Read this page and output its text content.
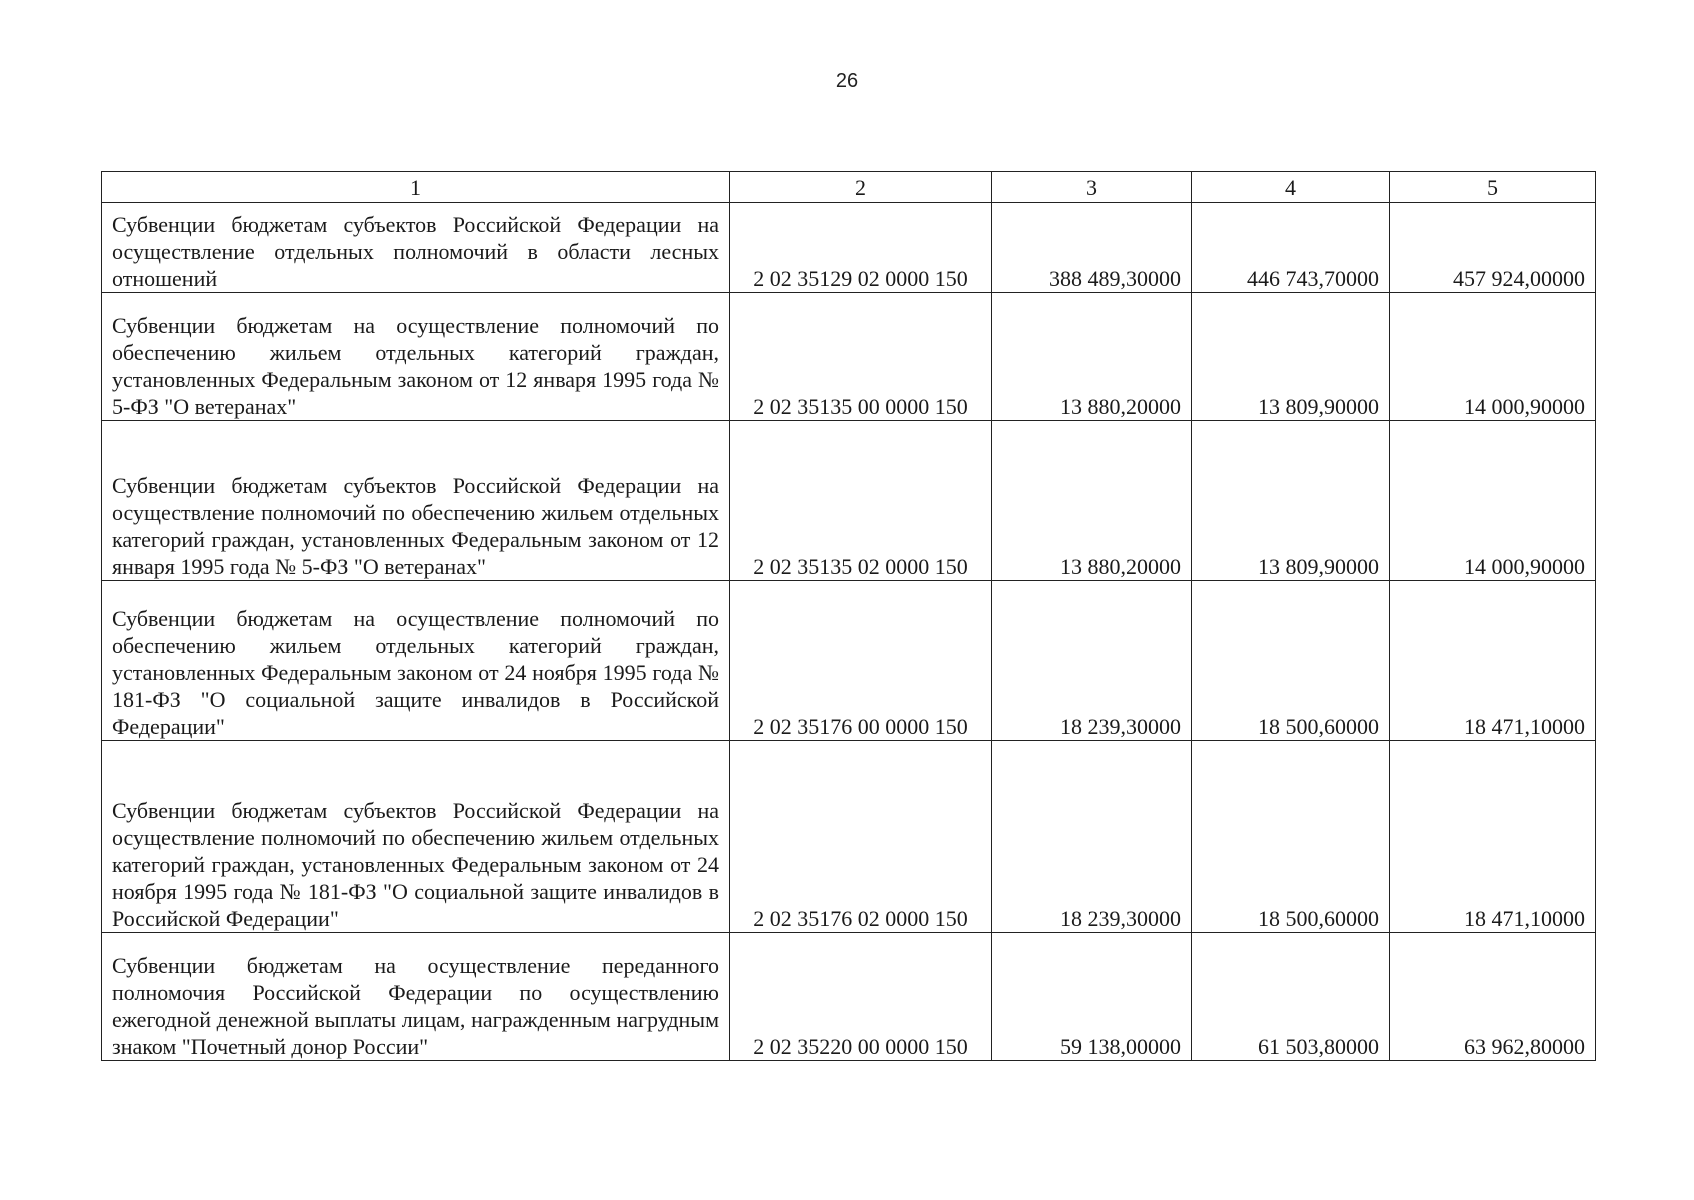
26
1	2	3	4	5
Субвенции бюджетам субъектов Российской Федерации на осуществление отдельных полномочий в области лесных отношений	2 02 35129 02 0000 150	388 489,30000	446 743,70000	457 924,00000
Субвенции бюджетам на осуществление полномочий по обеспечению жильем отдельных категорий граждан, установленных Федеральным законом от 12 января 1995 года № 5-ФЗ "О ветеранах"	2 02 35135 00 0000 150	13 880,20000	13 809,90000	14 000,90000
Субвенции бюджетам субъектов Российской Федерации на осуществление полномочий по обеспечению жильем отдельных категорий граждан, установленных Федеральным законом от 12 января 1995 года № 5-ФЗ "О ветеранах"	2 02 35135 02 0000 150	13 880,20000	13 809,90000	14 000,90000
Субвенции бюджетам на осуществление полномочий по обеспечению жильем отдельных категорий граждан, установленных Федеральным законом от 24 ноября 1995 года № 181-ФЗ "О социальной защите инвалидов в Российской Федерации"	2 02 35176 00 0000 150	18 239,30000	18 500,60000	18 471,10000
Субвенции бюджетам субъектов Российской Федерации на осуществление полномочий по обеспечению жильем отдельных категорий граждан, установленных Федеральным законом от 24 ноября 1995 года № 181-ФЗ "О социальной защите инвалидов в Российской Федерации"	2 02 35176 02 0000 150	18 239,30000	18 500,60000	18 471,10000
Субвенции бюджетам на осуществление переданного полномочия Российской Федерации по осуществлению ежегодной денежной выплаты лицам, награжденным нагрудным знаком "Почетный донор России"	2 02 35220 00 0000 150	59 138,00000	61 503,80000	63 962,80000
